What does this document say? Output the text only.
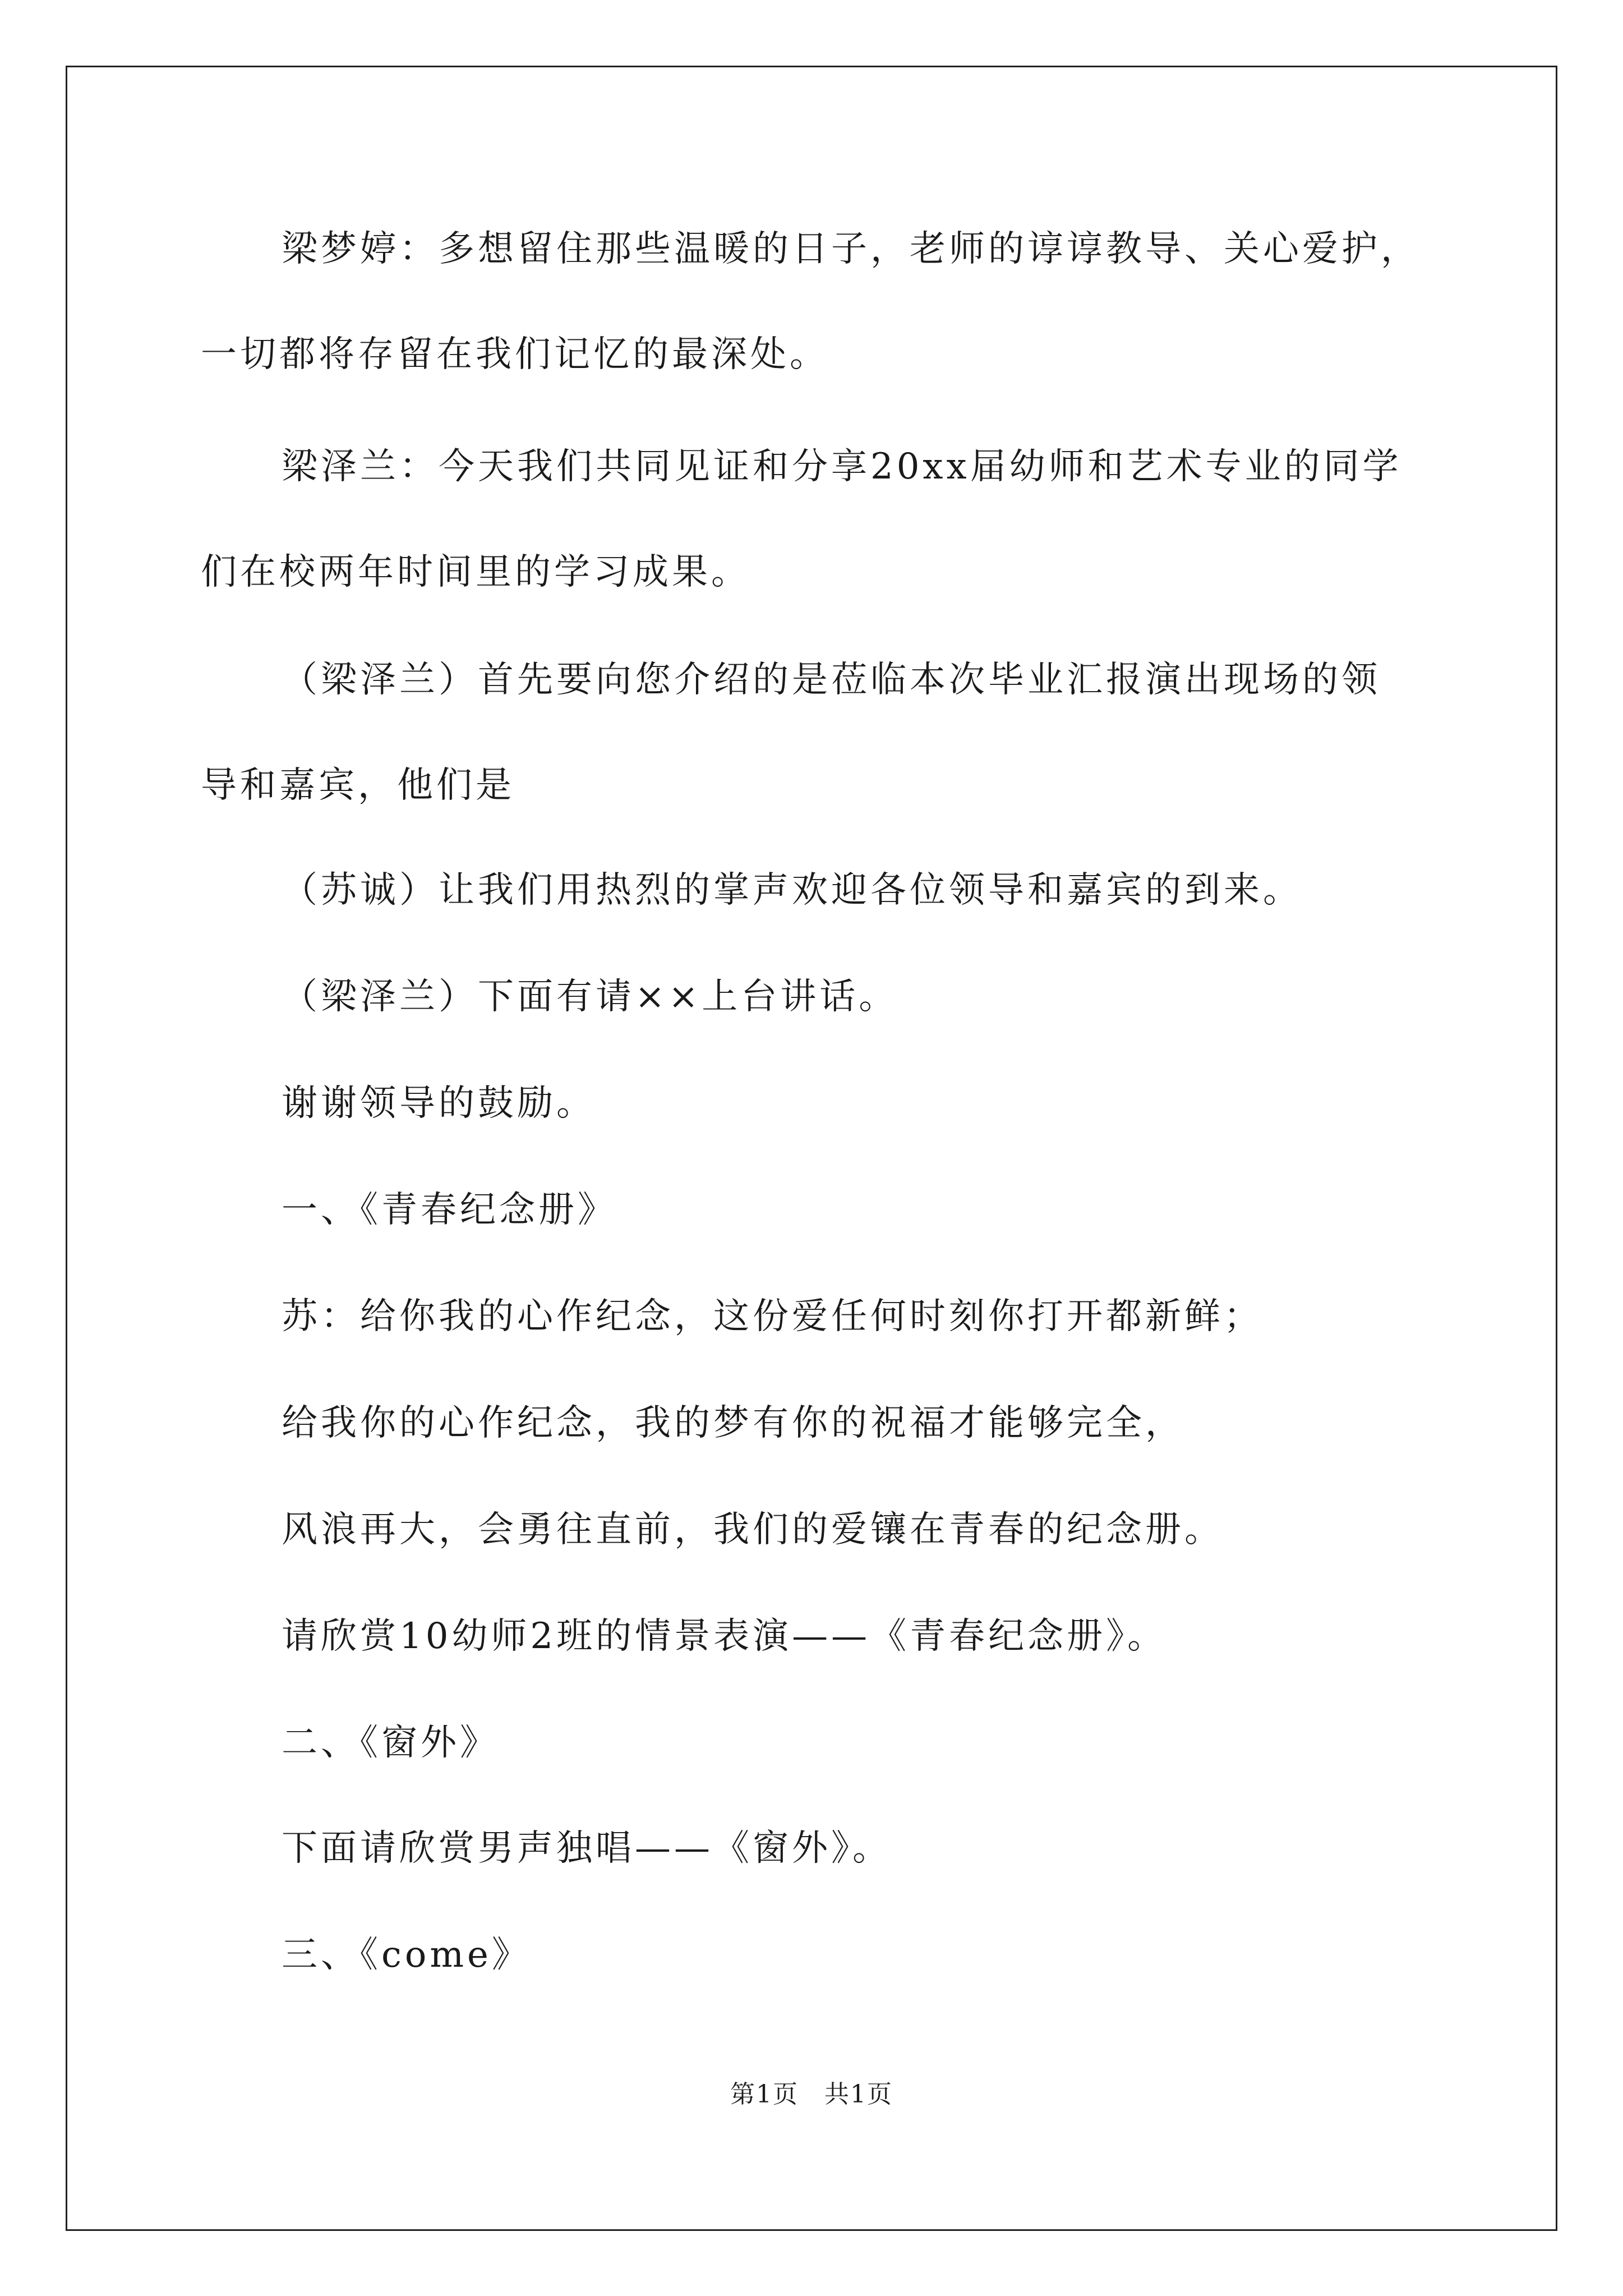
梁梦婷：多想留住那些温暖的日子，老师的谆谆教导、关心爱护，
一切都将存留在我们记忆的最深处。
梁泽兰：今天我们共同见证和分享20xx届幼师和艺术专业的同学
们在校两年时间里的学习成果。
（梁泽兰）首先要向您介绍的是莅临本次毕业汇报演出现场的领
导和嘉宾，他们是
（苏诚）让我们用热烈的掌声欢迎各位领导和嘉宾的到来。
（梁泽兰）下面有请××上台讲话。
谢谢领导的鼓励。
一、《青春纪念册》
苏：给你我的心作纪念，这份爱任何时刻你打开都新鲜；
给我你的心作纪念，我的梦有你的祝福才能够完全，
风浪再大，会勇往直前，我们的爱镶在青春的纪念册。
请欣赏10幼师2班的情景表演——《青春纪念册》。
二、《窗外》
下面请欣赏男声独唱——《窗外》。
三、《come》
第1页　共1页
